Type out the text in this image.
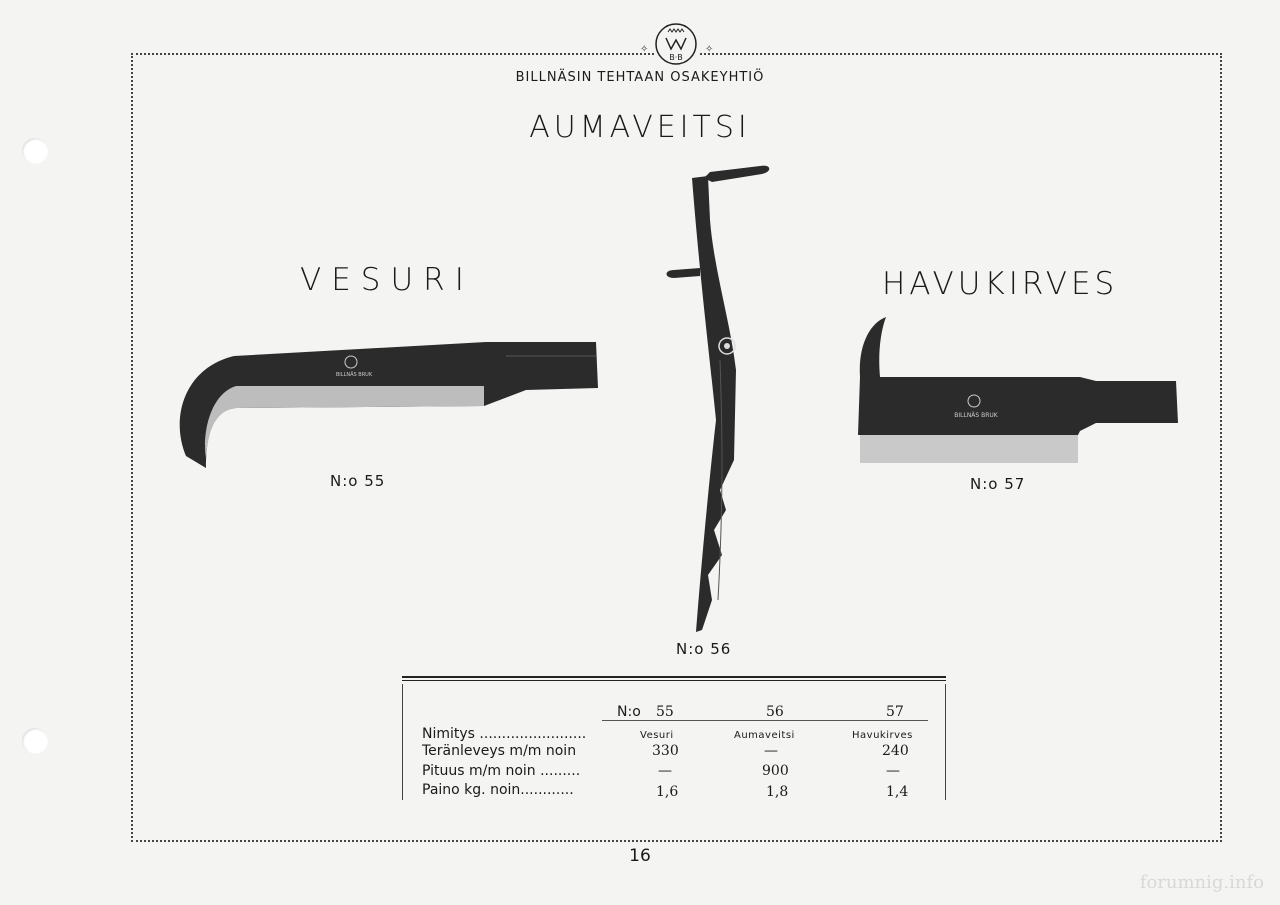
✧	✧
B·B
BILLNÄSIN TEHTAAN OSAKEYHTIÖ
AUMAVEITSI
VESURI	HAVUKIRVES
BILLNÄS BRUK
N:o 55
N:o 56
BILLNÄS BRUK
N:o 57
N:o 55	56	57
Nimitys ........................	Vesuri	Aumaveitsi	Havukirves
Teränleveys m/m noin	330	—	240
Pituus m/m noin .........	—	900	—
Paino kg. noin............	1,6	1,8	1,4
16
forumnig.info
